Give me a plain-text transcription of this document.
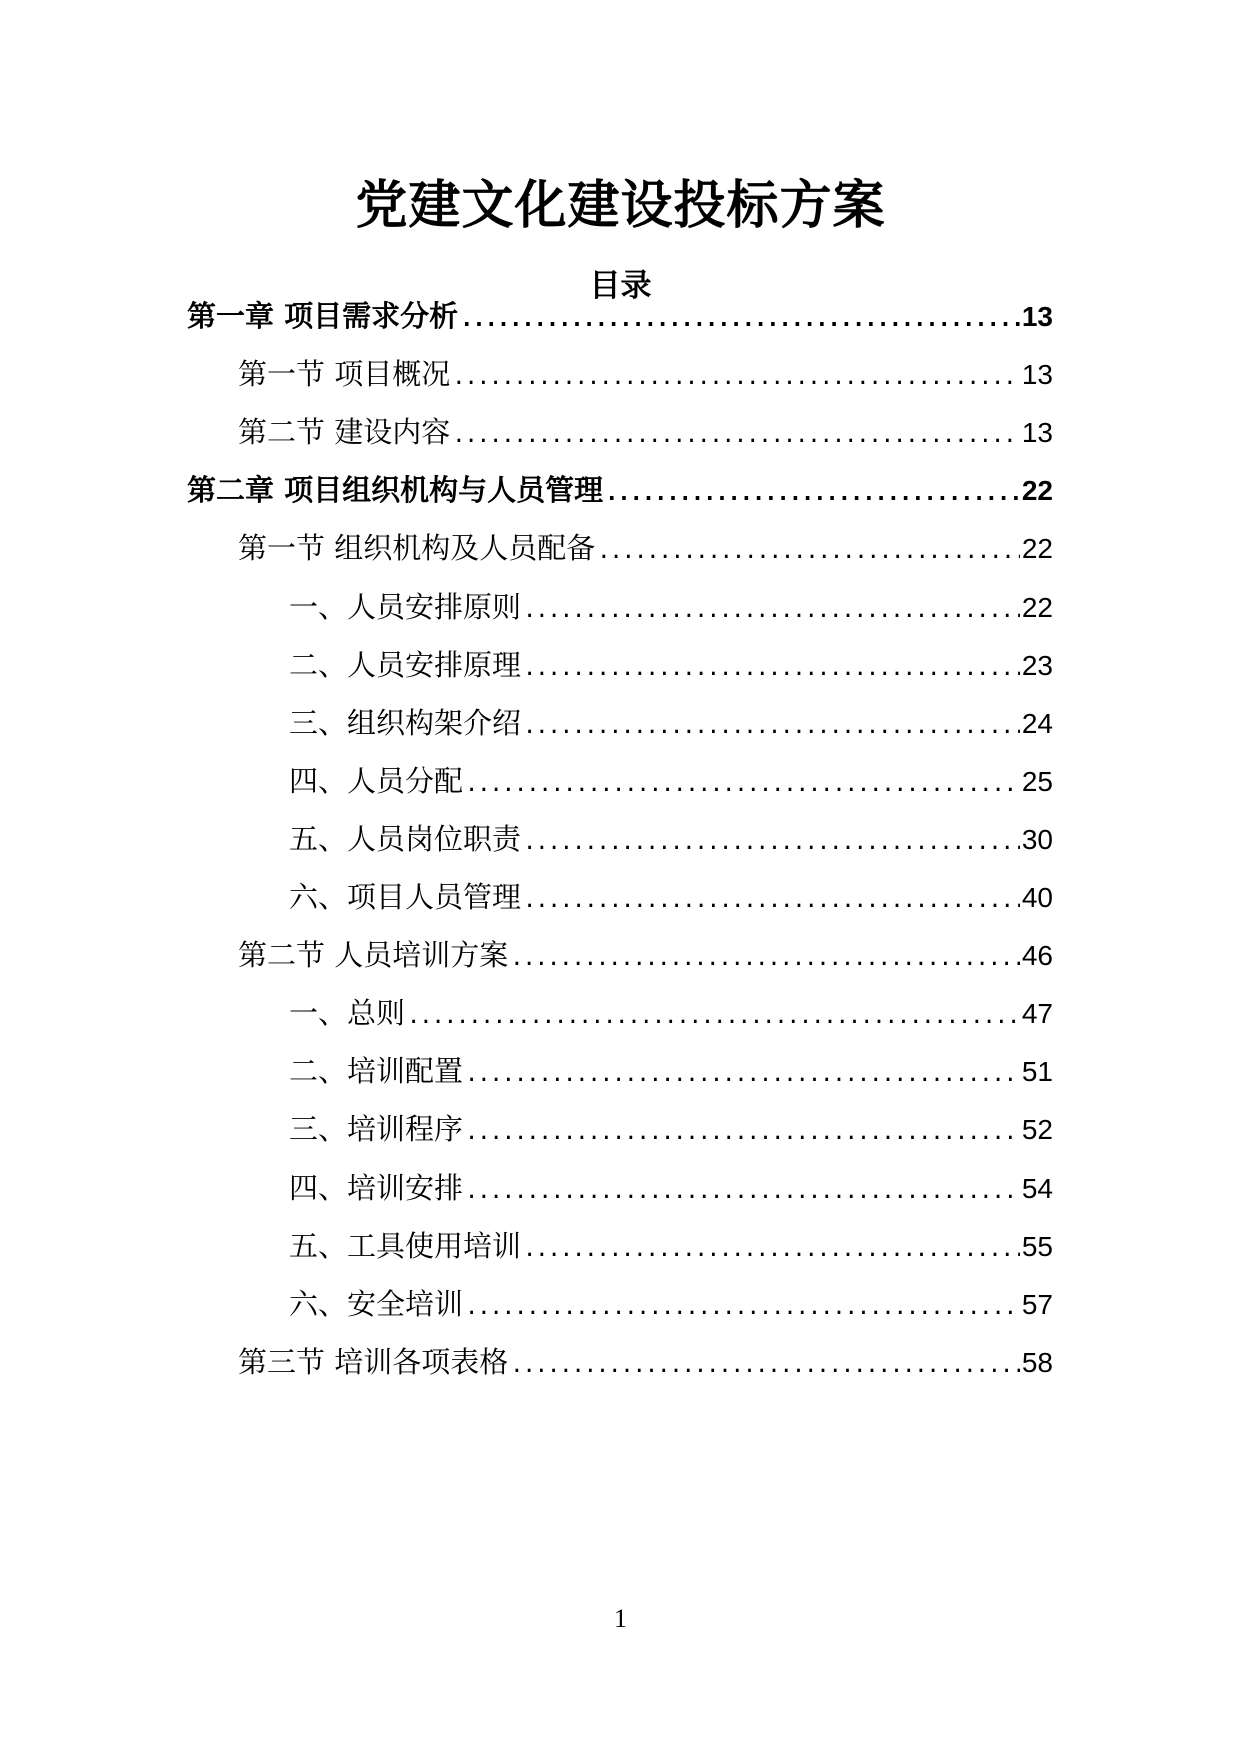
党建文化建设投标方案
目录
第一章 项目需求分析 .....	13
第一节 项目概况 .....	13
第二节 建设内容 .....	13
第二章 项目组织机构与人员管理 .....	22
第一节 组织机构及人员配备 .....	22
一、人员安排原则 .....	22
二、人员安排原理 .....	23
三、组织构架介绍 .....	24
四、人员分配 .....	25
五、人员岗位职责 .....	30
六、项目人员管理 .....	40
第二节 人员培训方案 .....	46
一、总则 .....	47
二、培训配置 .....	51
三、培训程序 .....	52
四、培训安排 .....	54
五、工具使用培训 .....	55
六、安全培训 .....	57
第三节 培训各项表格 .....	58
1
